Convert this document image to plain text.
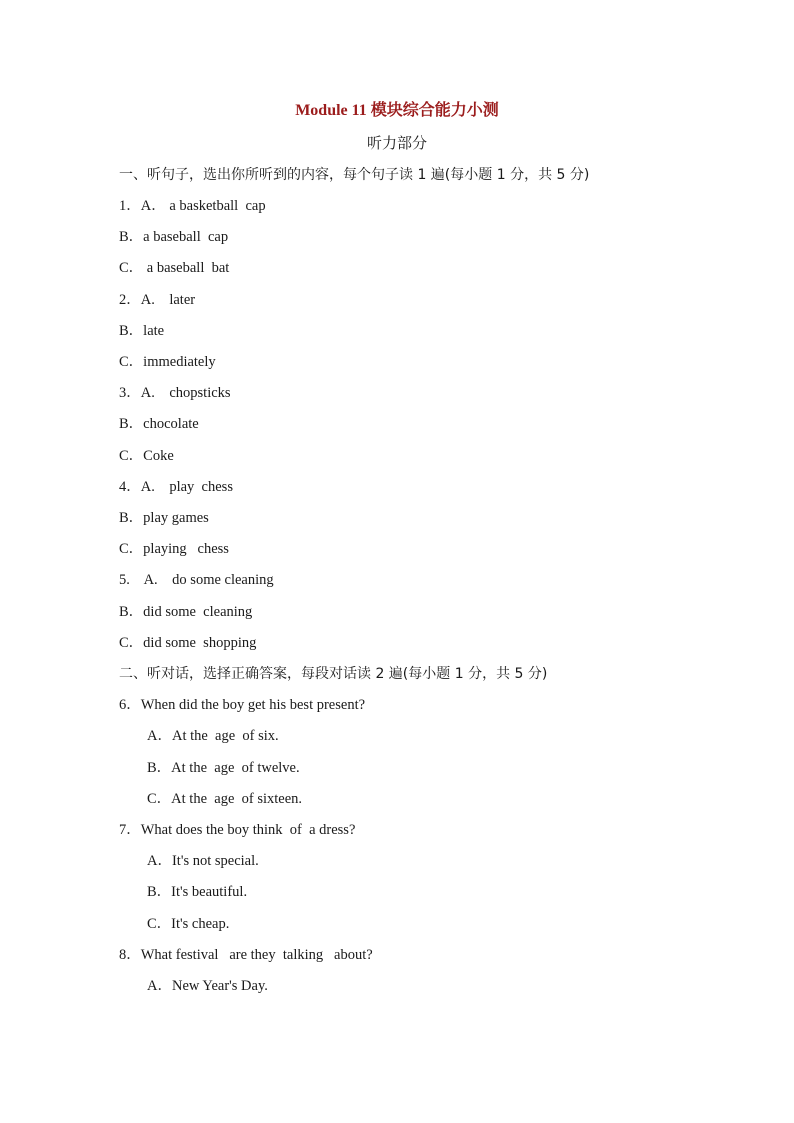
Module 11 模块综合能力小测
听力部分
一、听句子，选出你所听到的内容，每个句子读 1 遍(每小题 1 分，共 5 分)
1．A． a basketball  cap
B．a baseball  cap
C． a baseball  bat
2．A.    later
B．late
C．immediately
3．A.    chopsticks
B．chocolate
C．Coke
4．A.    play  chess
B．play games
C．playing   chess
5.    A.    do some cleaning
B．did some  cleaning
C．did some  shopping
二、听对话，选择正确答案，每段对话读 2 遍(每小题 1 分，共 5 分)
6．When did the boy get his best present?
A．At the  age  of six.
B．At the  age  of twelve.
C．At the  age  of sixteen.
7．What does the boy think  of  a dress?
A．It's not special.
B．It's beautiful.
C．It's cheap.
8．What festival   are they  talking   about?
A．New Year's Day.
